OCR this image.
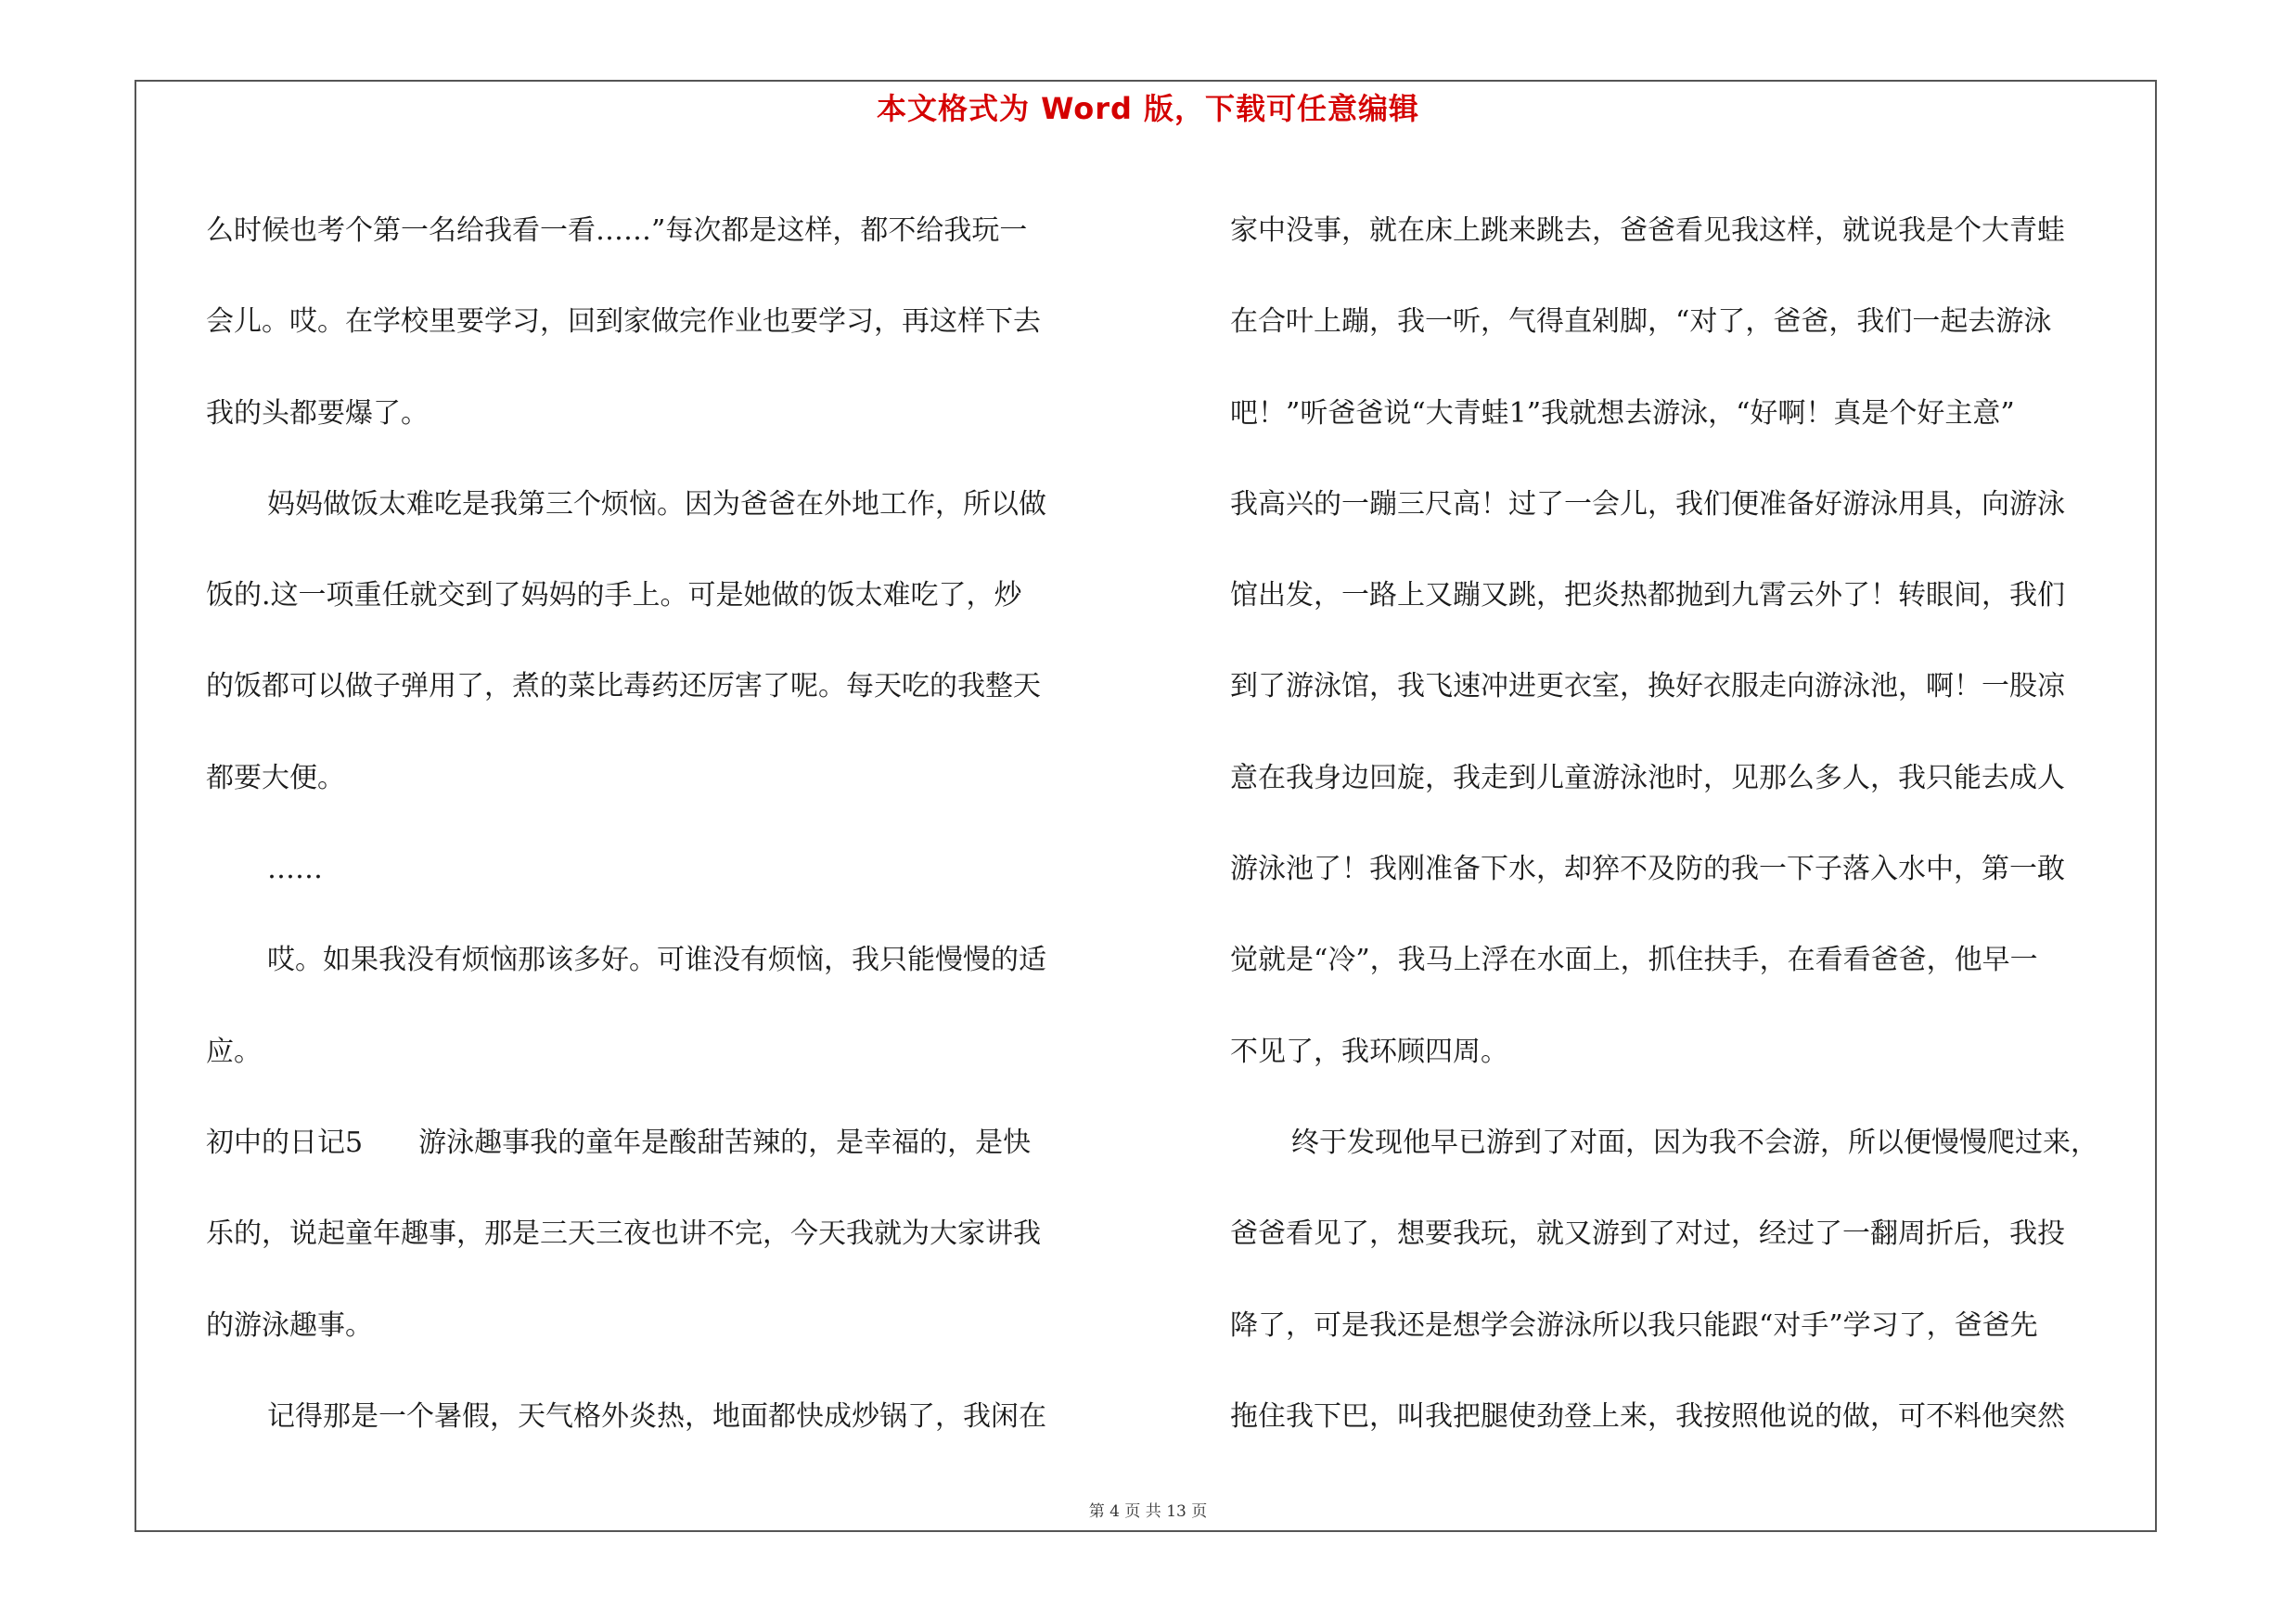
本文格式为 Word 版，下载可任意编辑

么时候也考个第一名给我看一看……”每次都是这样，都不给我玩一

会儿。哎。在学校里要学习，回到家做完作业也要学习，再这样下去

我的头都要爆了。

妈妈做饭太难吃是我第三个烦恼。因为爸爸在外地工作，所以做

饭的.这一项重任就交到了妈妈的手上。可是她做的饭太难吃了，炒

的饭都可以做子弹用了，煮的菜比毒药还厉害了呢。每天吃的我整天

都要大便。

……

哎。如果我没有烦恼那该多好。可谁没有烦恼，我只能慢慢的适

应。

初中的日记5　　游泳趣事我的童年是酸甜苦辣的，是幸福的，是快

乐的，说起童年趣事，那是三天三夜也讲不完，今天我就为大家讲我

的游泳趣事。

记得那是一个暑假，天气格外炎热，地面都快成炒锅了，我闲在

家中没事，就在床上跳来跳去，爸爸看见我这样，就说我是个大青蛙

在合叶上蹦，我一听，气得直剁脚，“对了，爸爸，我们一起去游泳

吧！”听爸爸说“大青蛙1”我就想去游泳，“好啊！真是个好主意”

我高兴的一蹦三尺高！过了一会儿，我们便准备好游泳用具，向游泳

馆出发，一路上又蹦又跳，把炎热都抛到九霄云外了！转眼间，我们

到了游泳馆，我飞速冲进更衣室，换好衣服走向游泳池，啊！一股凉

意在我身边回旋，我走到儿童游泳池时，见那么多人，我只能去成人

游泳池了！我刚准备下水，却猝不及防的我一下子落入水中，第一敢

觉就是“冷”，我马上浮在水面上，抓住扶手，在看看爸爸，他早一

不见了，我环顾四周。

终于发现他早已游到了对面，因为我不会游，所以便慢慢爬过来，

爸爸看见了，想要我玩，就又游到了对过，经过了一翻周折后，我投

降了，可是我还是想学会游泳所以我只能跟“对手”学习了，爸爸先

拖住我下巴，叫我把腿使劲登上来，我按照他说的做，可不料他突然

第 4 页 共 13 页
